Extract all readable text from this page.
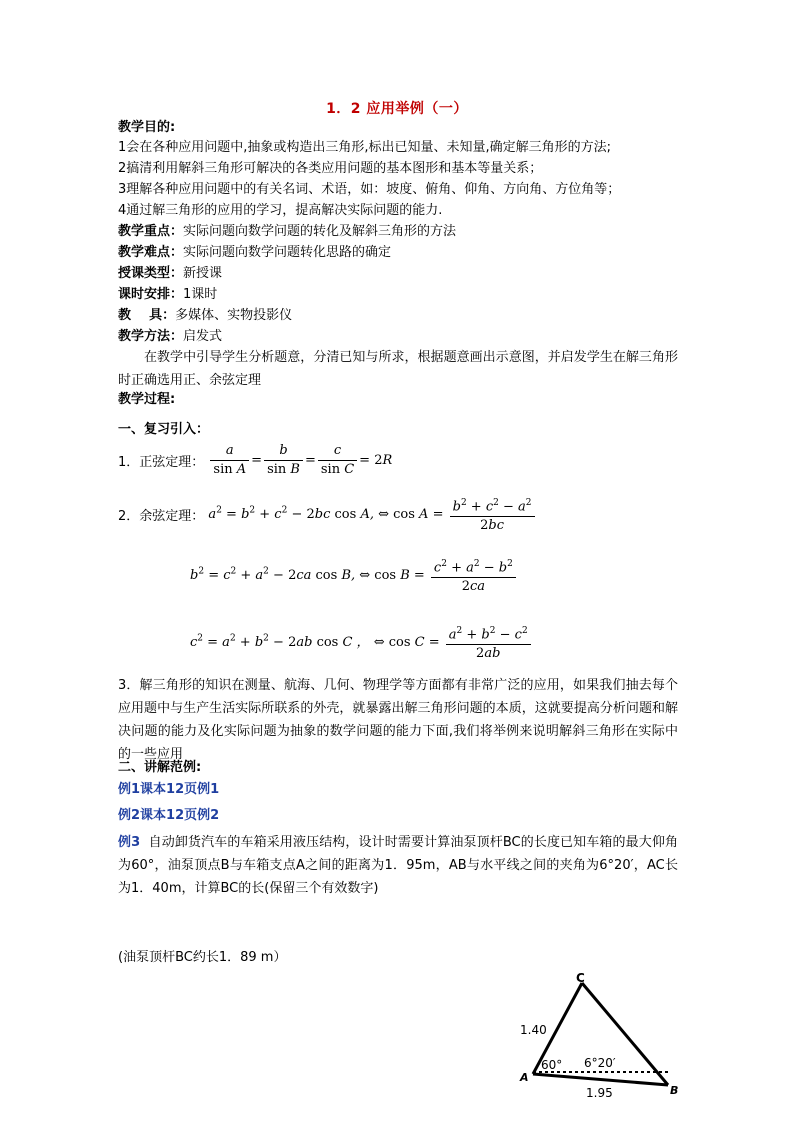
1．2 应用举例（一）
教学目的:
1会在各种应用问题中,抽象或构造出三角形,标出已知量、未知量,确定解三角形的方法;
2搞清利用解斜三角形可解决的各类应用问题的基本图形和基本等量关系；
3理解各种应用问题中的有关名词、术语，如：坡度、俯角、仰角、方向角、方位角等；
4通过解三角形的应用的学习，提高解决实际问题的能力.
教学重点：实际问题向数学问题的转化及解斜三角形的方法
教学难点：实际问题向数学问题转化思路的确定
授课类型：新授课
课时安排：1课时
教    具：多媒体、实物投影仪
教学方法：启发式
在教学中引导学生分析题意，分清已知与所求，根据题意画出示意图，并启发学生在解三角形时正确选用正、余弦定理
教学过程:
一、复习引入：
1．正弦定理： $\frac{a}{\text{sin A}} = \frac{b}{\text{sin B}} = \frac{c}{\text{sin C}} = 2R$
2．余弦定理： $a^2 = b^2 + c^2 - 2bc$ cos A, ⇔ $\cos A = \frac{b^2 + c^2 - a^2}{2bc}$
$b^2 = c^2 + a^2 - 2ca$ cos B, ⇔ $\cos B = \frac{c^2 + a^2 - b^2}{2ca}$
$c^2 = a^2 + b^2 - 2ab$ cos C ， ⇔ $\cos C = \frac{a^2 + b^2 - c^2}{2ab}$
3．解三角形的知识在测量、航海、几何、物理学等方面都有非常广泛的应用，如果我们抽去每个应用题中与生产生活实际所联系的外壳，就暴露出解三角形问题的本质，这就要提高分析问题和解决问题的能力及化实际问题为抽象的数学问题的能力下面,我们将举例来说明解斜三角形在实际中的一些应用
二、讲解范例:
例1课本12页例1
例2课本12页例2
例3 自动卸货汽车的车箱采用液压结构，设计时需要计算油泵顶杆BC的长度已知车箱的最大仰角为60°，油泵顶点B与车箱支点A之间的距离为1．95m，AB与水平线之间的夹角为6°20′，AC长为1．40m，计算BC的长(保留三个有效数字)
(油泵顶杆BC约长1．89 m）
C
A
B
1.40
1.95
60° 6°20′
